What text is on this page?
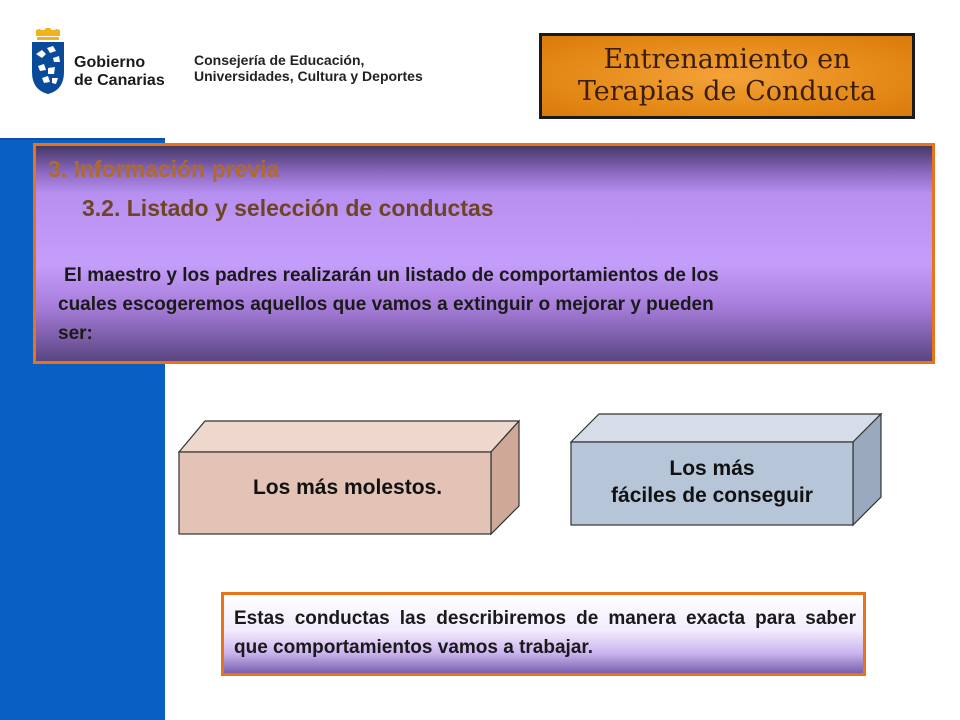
Gobierno
de Canarias
Consejería de Educación,
Universidades, Cultura y Deportes
Entrenamiento en
Terapias de Conducta
3. Información previa
3.2. Listado y selección de conductas
El maestro y los padres realizarán un listado de comportamientos de los
cuales escogeremos aquellos que vamos a extinguir o mejorar y pueden
ser:
Los más molestos.
Los más
fáciles de conseguir
Estas conductas las describiremos de manera exacta para saber que comportamientos vamos a trabajar.
